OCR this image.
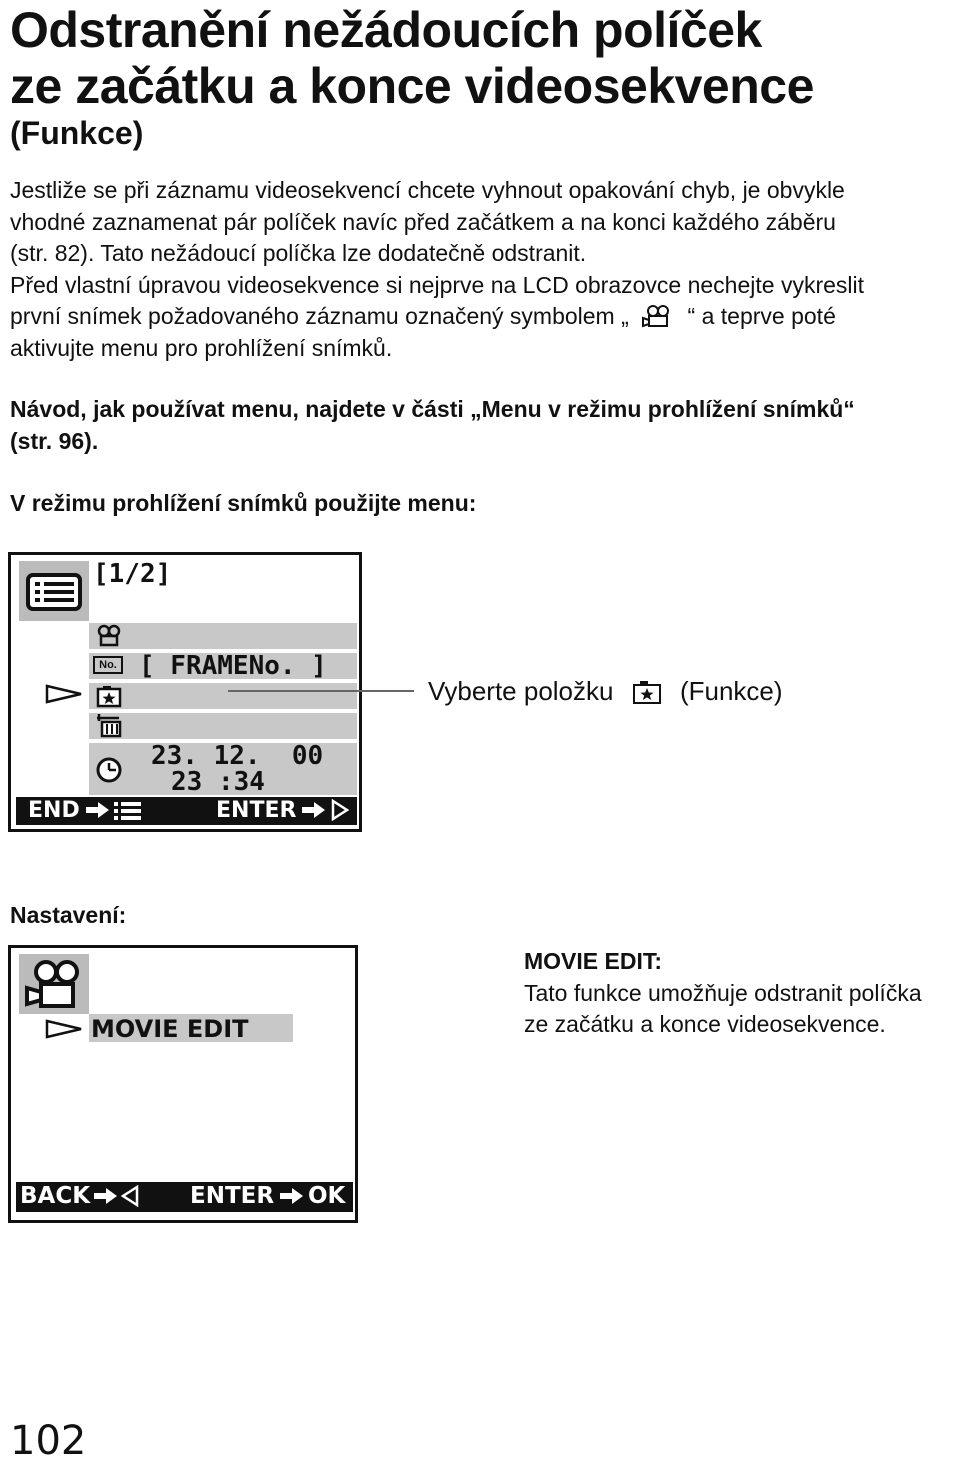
Odstranění nežádoucích políček
ze začátku a konce videosekvence
(Funkce)
Jestliže se při záznamu videosekvencí chcete vyhnout opakování chyb, je obvykle
vhodné zaznamenat pár políček navíc před začátkem a na konci každého záběru
(str. 82). Tato nežádoucí políčka lze dodatečně odstranit.
Před vlastní úpravou videosekvence si nejprve na LCD obrazovce nechejte vykreslit
první snímek požadovaného záznamu označený symbolem „	“ a teprve poté
aktivujte menu pro prohlížení snímků.
Návod, jak používat menu, najdete v části „Menu v režimu prohlížení snímků“
(str. 96).
V režimu prohlížení snímků použijte menu:
[1/2]
No. [ FRAMENo. ]
23. 12.  00
23 :34
END	ENTER
Vyberte položku	(Funkce)
Nastavení:
MOVIE EDIT
BACK	ENTER OK
MOVIE EDIT:
Tato funkce umožňuje odstranit políčka
ze začátku a konce videosekvence.
102
